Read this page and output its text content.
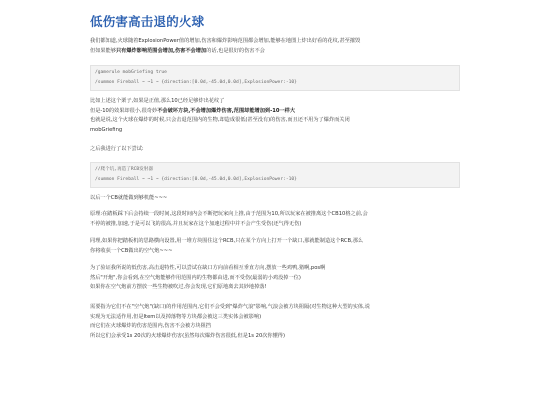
低伤害高击退的火球
我们都知道,火球随着ExplosionPower值的增加,伤害和爆炸影响范围都会增加,能够在地图上炸出好看的花纹,甚至摧毁
但如果能够只有爆炸影响范围会增加,伤害不会增加的话,也是很好的伤害不会
/gamerule mobGriefing true
/summon Fireball ~ ~1 ~ {direction:[0.0d,-45.0d,0.0d],ExplosionPower:-10}
比如上述这个栗子,如果是正值,那么10已经足够炸出花纹了
但是-10的效果却很小,很奇妙不会破坏方块,不会增加爆炸伤害,范围却能增加到-10一样大
也就是说,这个火球在爆炸的时候,只会击退范围内的生物,却造成很低(甚至没有)的伤害,而且还不用为了爆炸而关闭
mobGriefing
之后我进行了以下尝试:
//爬个坑,再造了RCB发射器
/summon Fireball ~ ~1 ~ {direction:[0.0d,-45.0d,0.0d],ExplosionPower:-10}
以后一个CB就能做到够机能~~~
原理:在踏板踩下后会持续一段时间,这段时间内会不断把玩家向上推,由于范围为10,所以玩家在被推离这个CB10格之前,会
不停的被推,加速,于是可以飞的很高,并且玩家在这个加速过程中并不会产生受伤(还气得无伤)
同理,如果你把踏板机的思路横向设置,用一堆方块围住这个RCB,只在某个方向上打开一个缺口,那就能制造这个RCB,那么
你将收获一个CB做出的空气炮~~~
为了验证我所说的低伤害,高击退特性,可以尝试在缺口方向前看相互垂直方向,摆放一些鸡鸭,猪啊,pos啊
然后"开炮",你会看到,在空气炮能够作用范围内的生物都由进,而不受伤(最弱的小鸡没掉一位)
如果你在空气炮前方摆放一些生物被吹过,你会发现,它们原地离去其妙地掉落!
需要指为它们不在"空气炮"(缺口)的作用范围内,它们不会受到"爆炸气浪"影响,气浪会被方块阻隔(对生物这种大型的实体,说
实现为无法适作用,但是Item以及掉落物等方块都会被这三类实体会被影响)
而它们在火球爆炸的伤害范围内,伤害不会被方块阻挡
所以它们会承受1s 20次的火球爆炸伤害(虽然每次爆炸伤害很低,但是1s 20次你懂得)
